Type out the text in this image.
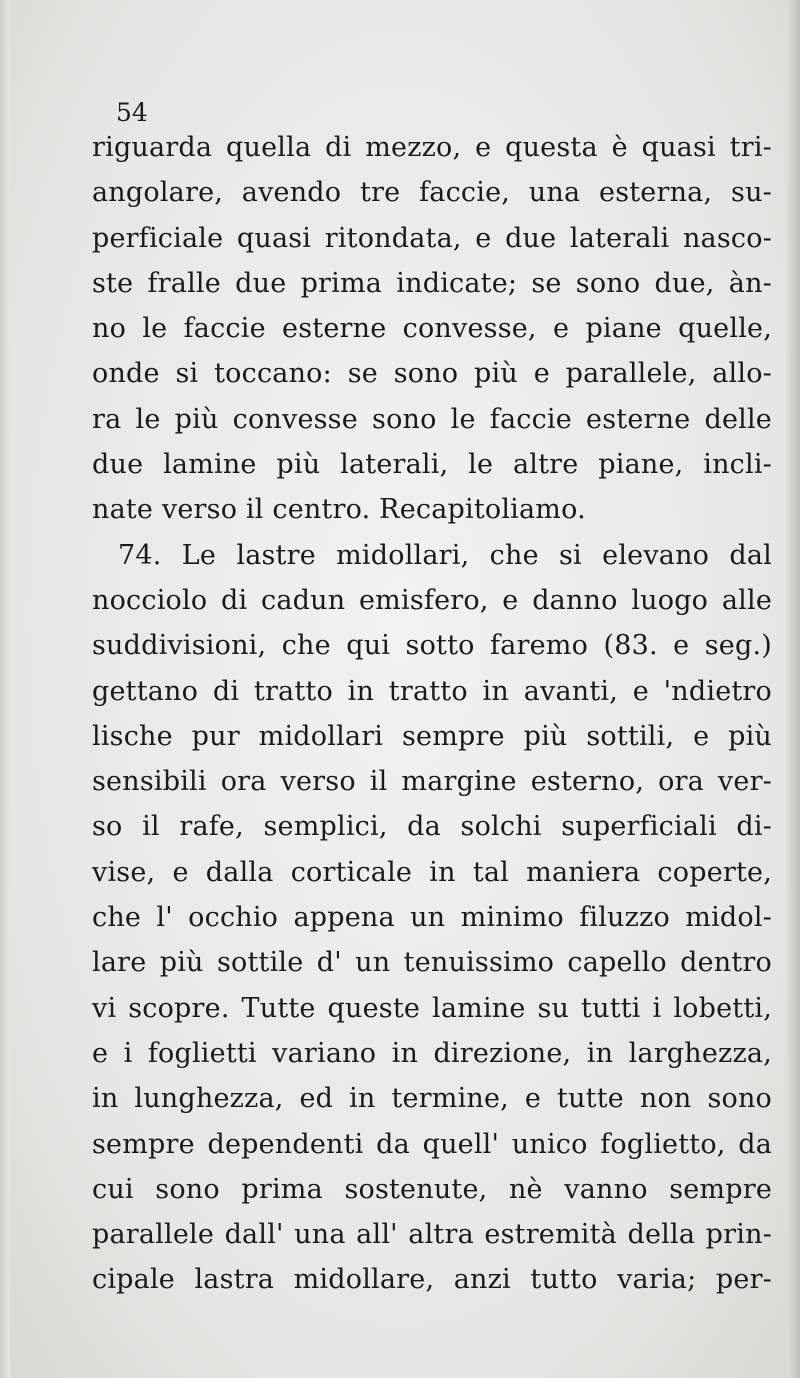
54
riguarda quella di mezzo, e questa è quasi tri-
angolare, avendo tre faccie, una esterna, su-
perficiale quasi ritondata, e due laterali nasco-
ste fralle due prima indicate; se sono due, àn-
no le faccie esterne convesse, e piane quelle,
onde si toccano: se sono più e parallele, allo-
ra le più convesse sono le faccie esterne delle
due lamine più laterali, le altre piane, incli-
nate verso il centro. Recapitoliamo.
74. Le lastre midollari, che si elevano dal
nocciolo di cadun emisfero, e danno luogo alle
suddivisioni, che qui sotto faremo (83. e seg.)
gettano di tratto in tratto in avanti, e 'ndietro
lische pur midollari sempre più sottili, e più
sensibili ora verso il margine esterno, ora ver-
so il rafe, semplici, da solchi superficiali di-
vise, e dalla corticale in tal maniera coperte,
che l' occhio appena un minimo filuzzo midol-
lare più sottile d' un tenuissimo capello dentro
vi scopre. Tutte queste lamine su tutti i lobetti,
e i foglietti variano in direzione, in larghezza,
in lunghezza, ed in termine, e tutte non sono
sempre dependenti da quell' unico foglietto, da
cui sono prima sostenute, nè vanno sempre
parallele dall' una all' altra estremità della prin-
cipale lastra midollare, anzi tutto varia; per-
